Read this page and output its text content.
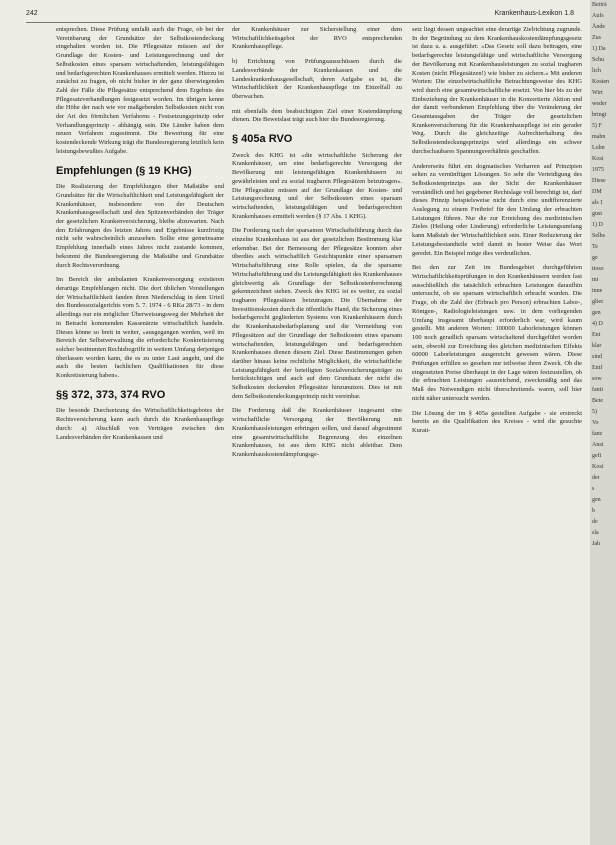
242	Krankenhaus-Lexikon 1.8

entsprechen. Diese Prüfung umfaßt auch die Frage, ob bei der Vereinbarung der Grundsätze der Selbstkostendeckung eingehalten worden ist. Die Pflegesätze müssen auf der Grundlage der Kosten- und Leistungsrechnung und der Selbstkosten eines sparsam wirtschaftenden, leistungsfähigen und bedarfsgerechten Krankenhauses ermittelt werden. Hierzu ist zunächst zu fragen, ob nicht bisher in der ganz überwiegenden Zahl der Fälle die Pflegesätze entsprechend dem Ergebnis des Pflegesatzverhandlungen festgesetzt worden. Im übrigen kenne die Höhe der nach wie vor maßgebenden Selbstkosten nicht von der Art des förmlichen Verfahrens - Festsetzungsprinzip oder Verhandlungsprinzip - abhängig sein. Die Länder haben dem neuen Verfahren zugestimmt. Die Bewertung für eine kostendeckende Wirkung trägt die Bundesregierung letztlich kein leistungsbewußtes Aufgabe.

Empfehlungen (§ 19 KHG)

Die Realisierung der Empfehlungen über Maßstäbe und Grundsätze für die Wirtschaftlichkeit und Leistungsfähigkeit der Krankenhäuser, insbesondere von der Deutschen Krankenhausgesellschaft und den Spitzenverbänden der Träger der gesetzlichen Krankenversicherung, bleibe abzuwarten. Nach den Erfahrungen des letzten Jahres und Ergebnisse kurzfristig nicht sehr wahrscheinlich anzusehen. Sollte eine gemeinsame Empfehlung innerhalb eines Jahres nicht zustande kommen, bekommt die Bundesregierung die Maßstäbe und Grundsätze durch Rechtsverordnung.

Im Bereich der ambulanten Krankenversorgung existieren derartige Empfehlungen nicht. Die dort üblichen Vorstellungen der Wirtschaftlichkeit fanden ihren Niederschlag in dem Urteil des Bundessozialgerichts vom 5. 7. 1974 - 6 RKa 28/73 - in dem allerdings nur ein möglicher Überweisungsweg der Mehrheit der in Betracht kommenden Kassenärzte wirtschaftlich handeln. Dieses könne so breit in weiter, »ausgegangen werden, weil im Bereich der Selbstverwaltung die erforderliche Konkretisierung solcher bestimmten Rechtsbegriffe in weitem Umfang derjenigen überlassen worden kann, die es zu unter Laut angeht, und die auch die besten fachlichen Qualifikationen für diese Konkretisierung haben«.

§§ 372, 373, 374 RVO

Die besonde Durchsetzung des Wirtschaftlichkeitsgebotes der Rechtsversicherung kann auch durch die Krankenhauspflege durch: a) Abschluß von Verträgen zwischen den Landesverbänden der Krankenkassen und

der Krankenhäuser zur Sicherstellung einer dem Wirtschaftlichkeitsgebot der RVO entsprechenden Krankenhauspflege.

b) Errichtung von Prüfungsausschüssen durch die Landesverbände der Krankenkassen und die Landeskrankenhausgesellschaft, deren Aufgabe es ist, die Wirtschaftlichkeit der Krankenhauspflege im Einzelfall zu überwachen.

mit ebenfalls dem beabsichtigten Ziel einer Kostendämpfung dienen. Die Beweislast trägt auch hier die Bundesregierung.

§ 405a RVO

Zweck des KHG ist »die wirtschaftliche Sicherung der Krankenhäuser, um eine bedarfsgerechte Versorgung der Bevölkerung mit leistungsfähigen Krankenhäusern zu gewährleisten und zu sozial tragbaren Pflegesätzen beizutragen«. Die Pflegesätze müssen auf der Grundlage der Kosten- und Leistungsrechnung und der Selbstkosten eines sparsam wirtschaftenden, leistungsfähigen und bedarfsgerechten Krankenhauses ermittelt werden (§ 17 Abs. 1 KHG).

Die Forderung nach der sparsamen Wirtschaftsführung durch das einzelne Krankenhaus ist aus der gesetzlichen Bestimmung klar erkennbar. Bei der Bemessung der Pflegesätze konnten aber überdies auch wirtschaftlich Gesichtspunkte einer sparsamen Wirtschaftsführung eine Rolle spielen, da die sparsame Wirtschaftsführung und die Leistungsfähigkeit des Krankenhauses gleichwertig als Grundlage der Selbstkostenberechnung gekennzeichnet stehen. Zweck des KHG ist es weiter, zu sozial tragbaren Pflegesätzen beizutragen. Die Übernahme der Investitionskosten durch die öffentliche Hand, die Sicherung eines bedarfsgerecht gegliederten Systems von Krankenhäusern durch die Krankenhausbedarfsplanung und die Vermeidung von Pflegesätzen auf der Grundlage der Selbstkosten eines sparsam wirtschaftenden, leistungsfähigen und bedarfsgerechten Krankenhauses dienen diesem Ziel. Diese Bestimmungen geben darüber hinaus keine rechtliche Möglichkeit, die wirtschaftliche Leistungsfähigkeit der beteiligten Sozialversicherungsträger zu berücksichtigen und auch auf dem Grundsatz der nicht die Selbstkosten deckenden Pflegesätze hinzunutzen. Dies ist mit dem Selbstkostendeckungsprinzip nicht vereinbar.

Die Forderung daß die Krankenhäuser insgesamt eine wirtschaftliche Versorgung der Bevölkerung mit Krankenhausleistungen erbringen sollen, und darauf abgestimmt eine gesamtwirtschaftliche Begrenzung des einzelnen Krankenhauses, ist aus dem KHG nicht ableitbar. Dem Krankenhauskostendämpfungsge-

setz liegt dessen ungeachtet eine derartige Zielrichtung zugrunde. In der Begründung zu dem Krankenhauskostendämpfungsgesetz ist dazu u. a. ausgeführt: »Das Gesetz soll dazu beitragen, eine bedarfsgerechte leistungsfähige und wirtschaftliche Versorgung der Bevölkerung mit Krankenhausleistungen zu sozial tragbaren Kosten (nicht Pflegesätzen!) wie bisher zu sichern.« Mit anderen Worten: Die einzelwirtschaftliche Betrachtungsweise des KHG wird durch eine gesamtwirtschaftliche ersetzt. Von hier bis zu der Einbeziehung der Krankenhäuser in die Konzertierte Aktion und der damit verbundenen Empfehlung über die Veränderung der Gesamtausgaben der Träger der gesetzlichen Krankenversicherung für die Krankenhauspflege ist ein gerader Weg. Durch die gleichzeitige Aufrechterhaltung des Selbstkostendeckungsprinzips wird allerdings ein schwer durchschaubares Spannungsverhältnis geschaffen.

Andererseits führt ein dogmatisches Verharren auf Prinzipien selten zu vernünftigen Lösungen. So sehr die Verteidigung des Selbstkostenprinzips aus der Sicht der Krankenhäuser verständlich und bei gegebener Rechtslage voll berechtigt ist, darf dieses Prinzip beispielsweise nicht durch eine undifferenzierte Auslegung zu einem Freibrief für den Umfang der erbrachten Leistungen führen. Nur die zur Erreichung des medizinischen Zieles (Heilung oder Linderung) erforderliche Leistungsumfang kann Maßstab der Wirtschaftlichkeit sein. Einer Reduzierung der Leistungsbestandteile wird damit in bester Weise das Wort geredet. Ein Beispiel möge dies verdeutlichen.

Bei den zur Zeit im Bundesgebiet durchgeführten Wirtschaftlichkeitsprüfungen in den Krankenhäusern werden fast ausschließlich die tatsächlich erbrachten Leistungen daraufhin untersucht, ob sie sparsam wirtschaftlich erbracht wurden. Die Frage, ob die Zahl der (Erbrach pro Person) erbrachten Labor-, Röntgen-, Radiologieleistungen usw. in dem vorliegenden Umfang insgesamt überhaupt erforderlich war, wird kaum gestellt. Mit anderen Worten: 100000 Laborleistungen können 100 noch geradlich sparsam wirtschaftend durchgeführt worden sein, obwohl zur Erreichung des gleichen medizinischen Effekts 60000 Laborleistungen ausgereicht gewesen wären. Diese Prüfungen erfüllen so gesehen nur teilweise ihren Zweck. Ob die eingesetzten Preise überhaupt in der Lage wären festzustellen, ob die erbrachten Leistungen »ausreichend, zweckmäßig und das Maß des Notwendigen nicht überschreitend« waren, soll hier nicht näher untersucht werden.

Die Lösung der im § 405a gestellten Aufgabe - sie erstreckt bereits an die Qualifikation des Kreises - wird die gesuchte Kurati-

Beiträ
Aufs
Ände
Zus
1) Da
Schu
lich
Kosten
Wirt
weder
bringt
5) F
mahn
Lohn
Kost
1975
Diese
DM
als 1
gust
1) D
Selbs
Te
ge
tioso
mi
inne
gliec
gen
4) D
Ent
klar
sind
Entf
sow
fanti
Bete
5)
Vo
fanz
Anst
gefi
Kost
der
s
gen
b
de
sla
Jah
